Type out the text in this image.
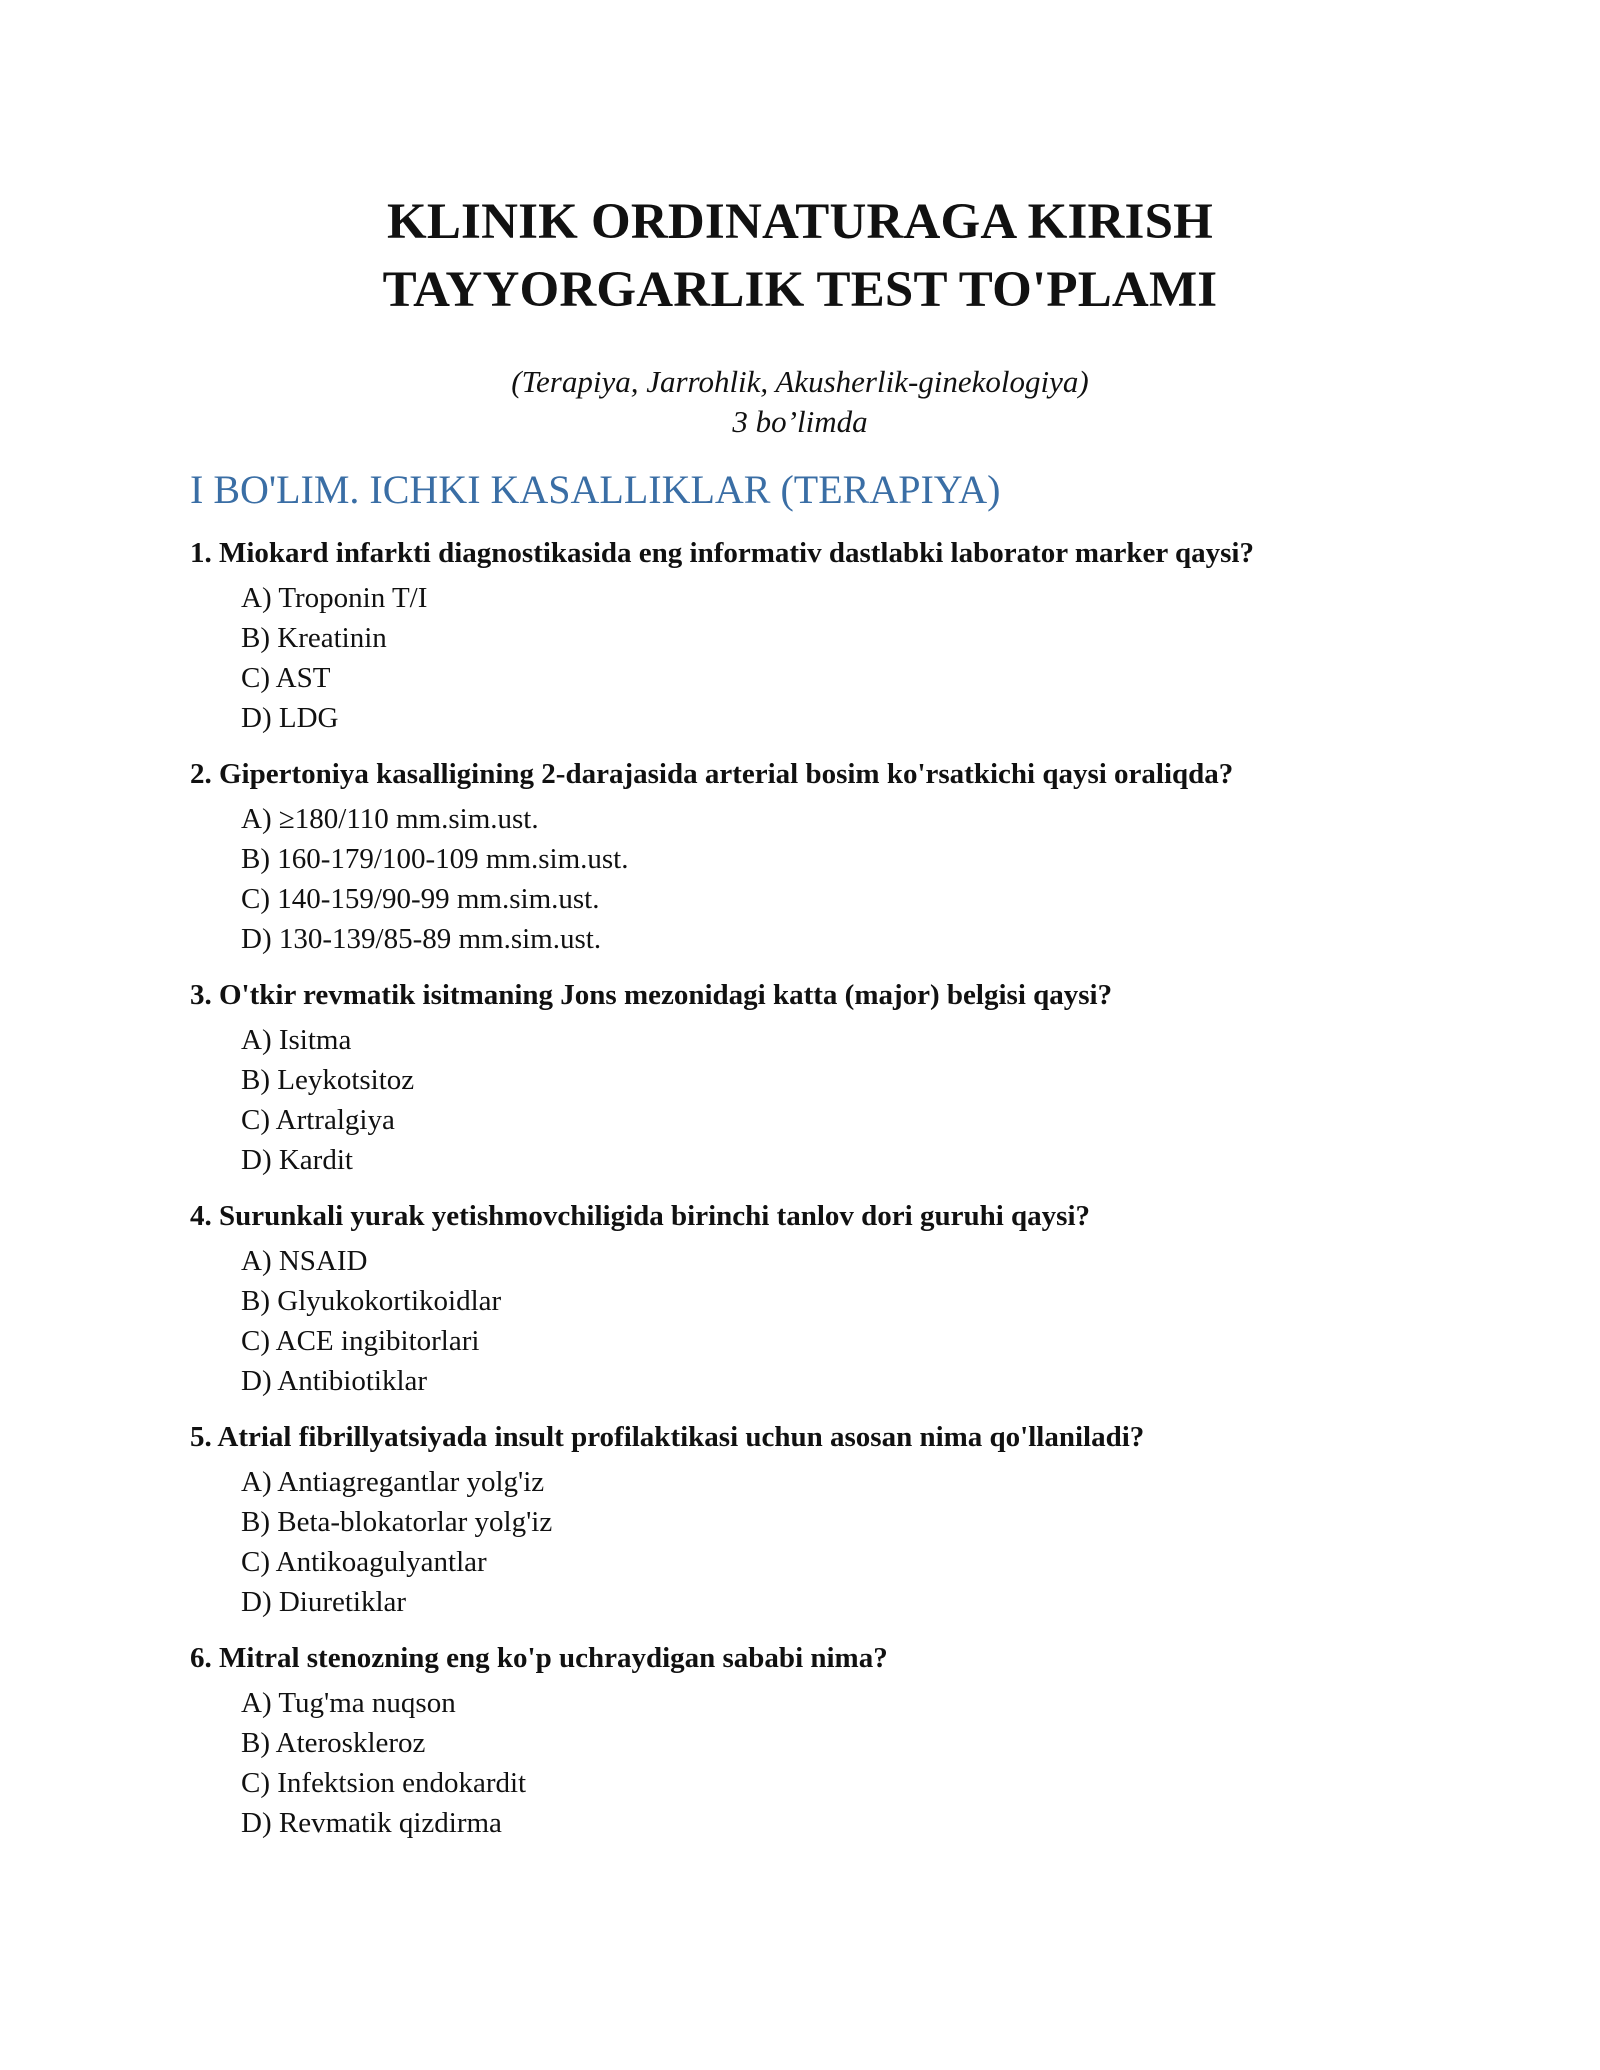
KLINIK ORDINATURAGA KIRISH
TAYYORGARLIK TEST TO'PLAMI
(Terapiya, Jarrohlik, Akusherlik-ginekologiya)
3 bo’limda
I BO'LIM. ICHKI KASALLIKLAR (TERAPIYA)
1. Miokard infarkti diagnostikasida eng informativ dastlabki laborator marker qaysi?
A) Troponin T/I
B) Kreatinin
C) AST
D) LDG
2. Gipertoniya kasalligining 2-darajasida arterial bosim ko'rsatkichi qaysi oraliqda?
A) ≥180/110 mm.sim.ust.
B) 160-179/100-109 mm.sim.ust.
C) 140-159/90-99 mm.sim.ust.
D) 130-139/85-89 mm.sim.ust.
3. O'tkir revmatik isitmaning Jons mezonidagi katta (major) belgisi qaysi?
A) Isitma
B) Leykotsitoz
C) Artralgiya
D) Kardit
4. Surunkali yurak yetishmovchiligida birinchi tanlov dori guruhi qaysi?
A) NSAID
B) Glyukokortikoidlar
C) ACE ingibitorlari
D) Antibiotiklar
5. Atrial fibrillyatsiyada insult profilaktikasi uchun asosan nima qo'llaniladi?
A) Antiagregantlar yolg'iz
B) Beta-blokatorlar yolg'iz
C) Antikoagulyantlar
D) Diuretiklar
6. Mitral stenozning eng ko'p uchraydigan sababi nima?
A) Tug'ma nuqson
B) Ateroskleroz
C) Infektsion endokardit
D) Revmatik qizdirma
